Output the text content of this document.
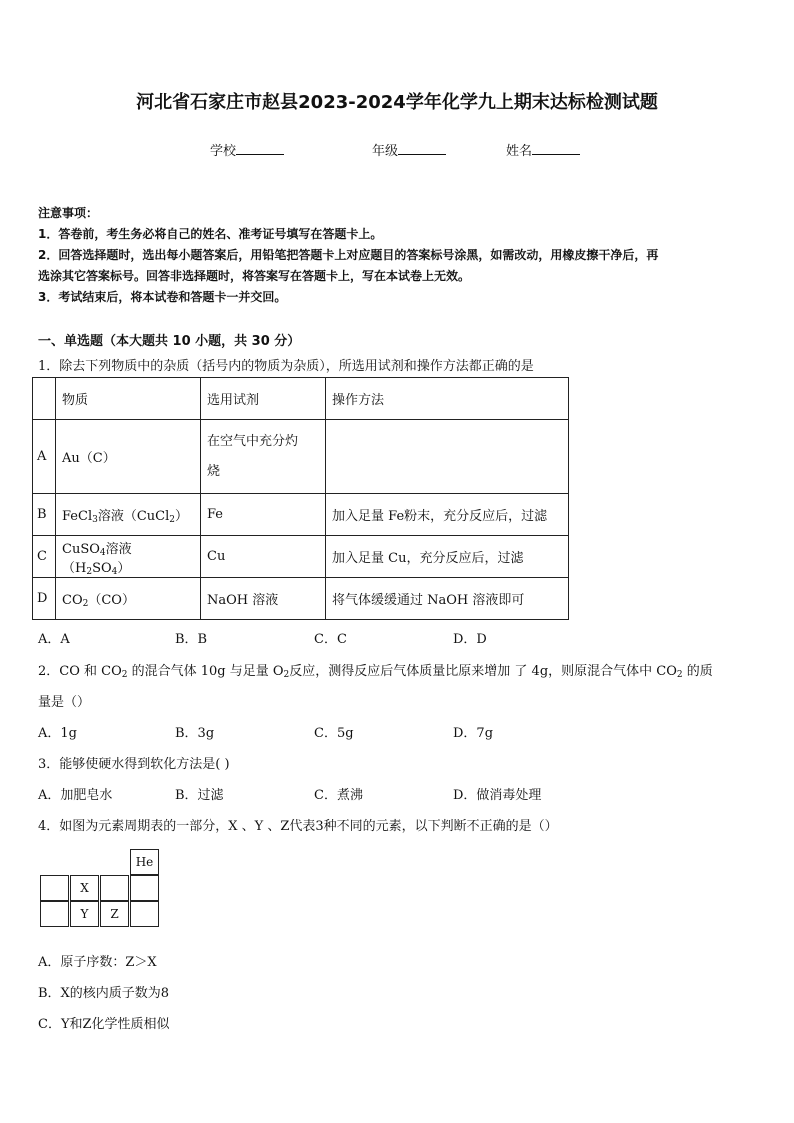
河北省石家庄市赵县2023-2024学年化学九上期末达标检测试题
学校	年级	姓名
注意事项：
1．答卷前，考生务必将自己的姓名、准考证号填写在答题卡上。
2．回答选择题时，选出每小题答案后，用铅笔把答题卡上对应题目的答案标号涂黑，如需改动，用橡皮擦干净后，再
选涂其它答案标号。回答非选择题时，将答案写在答题卡上，写在本试卷上无效。
3．考试结束后，将本试卷和答题卡一并交回。
一、单选题（本大题共 10 小题，共 30 分）
1．除去下列物质中的杂质（括号内的物质为杂质），所选用试剂和操作方法都正确的是
	物质	选用试剂	操作方法
A	Au（C）	在空气中充分灼
烧	
B	FeCl$_3$溶液（CuCl$_2$）	Fe	加入足量 Fe粉末，充分反应后，过滤
C	CuSO$_4$溶液$(H_2SO_4)$	Cu	加入足量 Cu，充分反应后，过滤
D	$CO_2(CO)$	NaOH 溶液	将气体缓缓通过 NaOH 溶液即可
A．A	B．B	C．C	D．D
2．CO 和 $CO_2$ 的混合气体 10g 与足量 $O_2$反应，测得反应后气体质量比原来增加 了 4g，则原混合气体中 $CO_2$ 的质
量是（）
A．1g	B．3g	C．5g	D．7g
3．能够使硬水得到软化方法是( )
A．加肥皂水	B．过滤	C．煮沸	D．做消毒处理
4．如图为元素周期表的一部分，X 、Y 、Z代表3种不同的元素，以下判断不正确的是（）
He
X
Y	Z
A．原子序数：Z＞X
B．X的核内质子数为8
C．Y和Z化学性质相似
